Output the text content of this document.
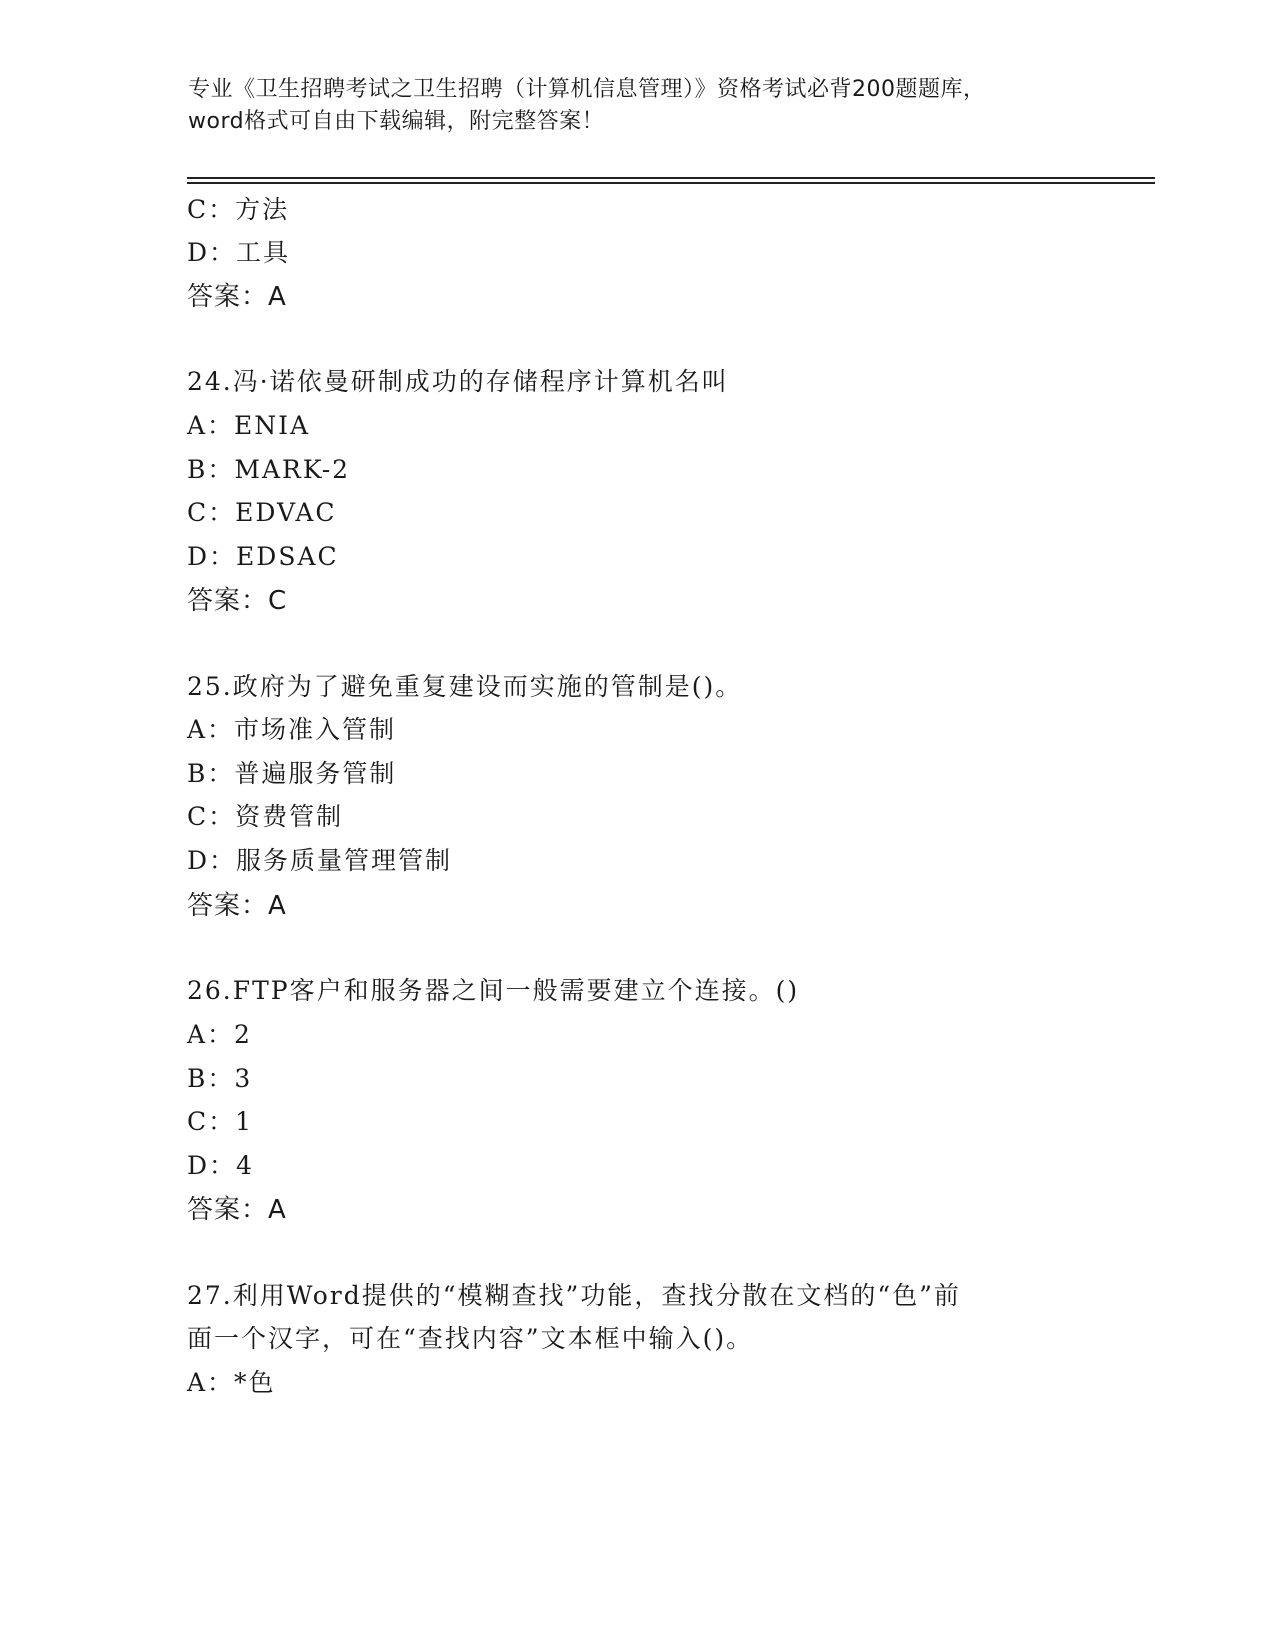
专业《卫生招聘考试之卫生招聘（计算机信息管理）》资格考试必背200题题库，
word格式可自由下载编辑，附完整答案！
C：方法
D：工具
答案：A
24.冯·诺依曼研制成功的存储程序计算机名叫
A：ENIA
B：MARK-2
C：EDVAC
D：EDSAC
答案：C
25.政府为了避免重复建设而实施的管制是()。
A：市场准入管制
B：普遍服务管制
C：资费管制
D：服务质量管理管制
答案：A
26.FTP客户和服务器之间一般需要建立个连接。()
A：2
B：3
C：1
D：4
答案：A
27.利用Word提供的“模糊查找”功能，查找分散在文档的“色”前
面一个汉字，可在“查找内容”文本框中输入()。
A：*色
